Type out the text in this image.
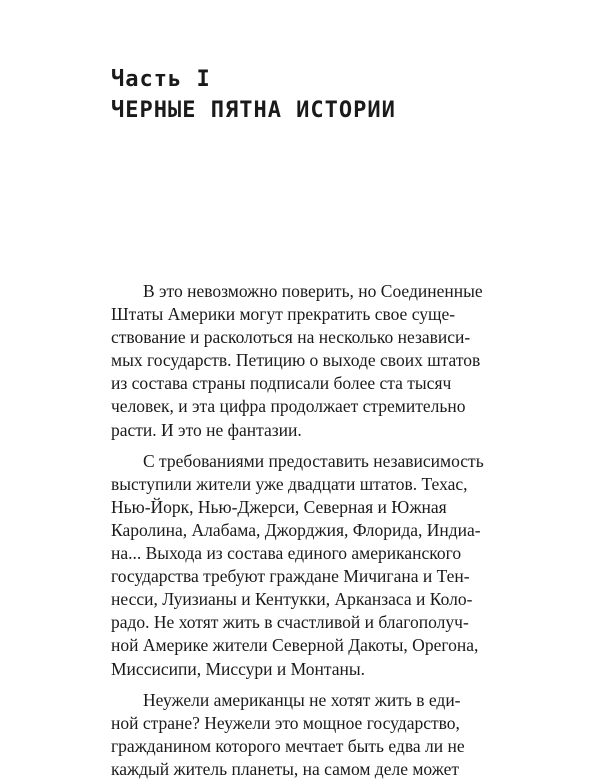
Часть I
ЧЕРНЫЕ ПЯТНА ИСТОРИИ

В это невозможно поверить, но Соединенные
Штаты Америки могут прекратить свое суще-
ствование и расколоться на несколько независи-
мых государств. Петицию о выходе своих штатов
из состава страны подписали более ста тысяч
человек, и эта цифра продолжает стремительно
расти. И это не фантазии.

С требованиями предоставить независимость
выступили жители уже двадцати штатов. Техас,
Нью-Йорк, Нью-Джерси, Северная и Южная
Каролина, Алабама, Джорджия, Флорида, Индиа-
на... Выхода из состава единого американского
государства требуют граждане Мичигана и Тен-
несси, Луизианы и Кентукки, Арканзаса и Коло-
радо. Не хотят жить в счастливой и благополуч-
ной Америке жители Северной Дакоты, Орегона,
Миссисипи, Миссури и Монтаны.

Неужели американцы не хотят жить в еди-
ной стране? Неужели это мощное государство,
гражданином которого мечтает быть едва ли не
каждый житель планеты, на самом деле может
